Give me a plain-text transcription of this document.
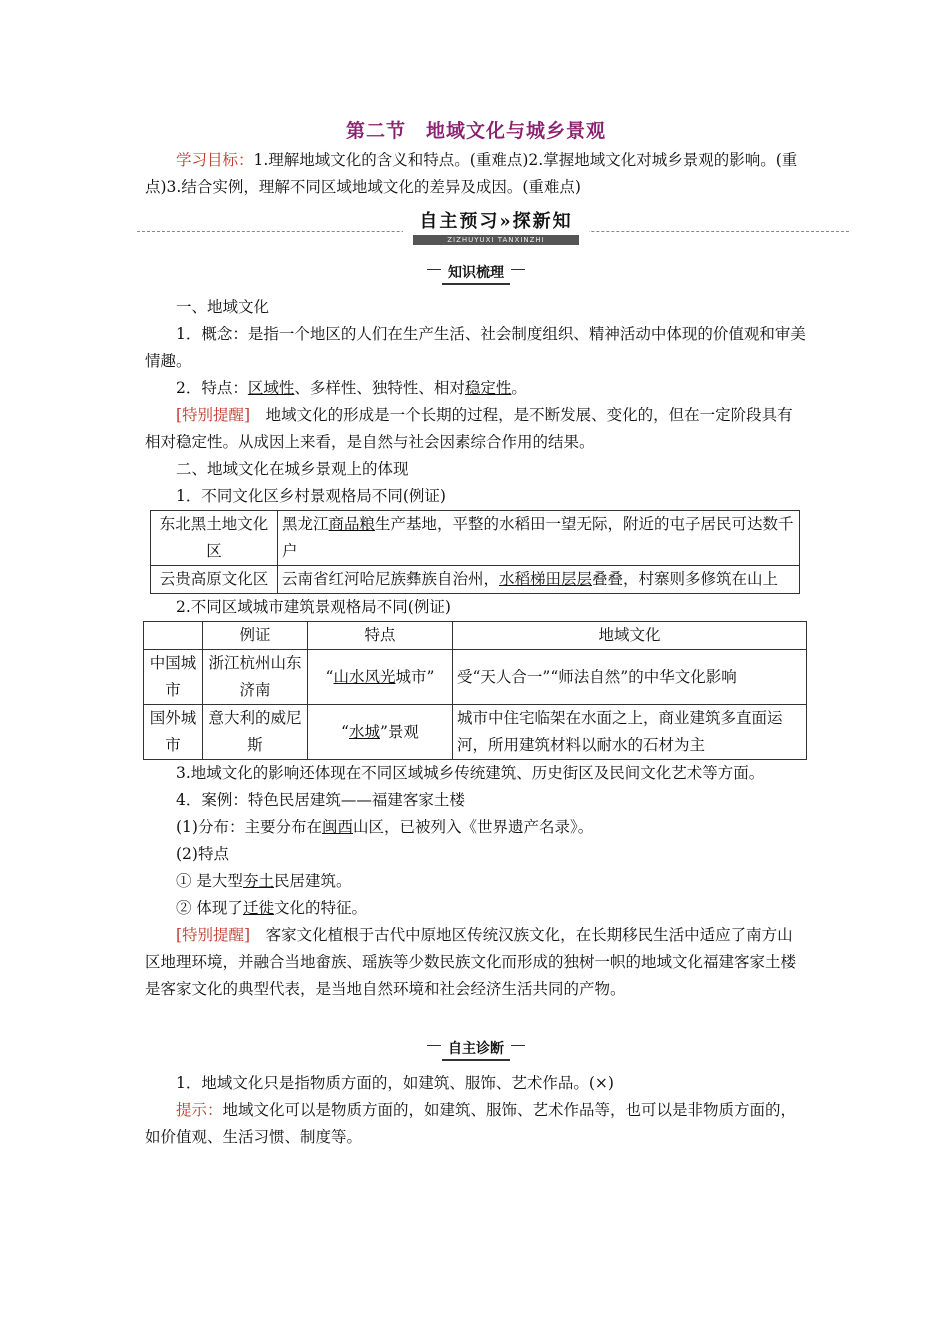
第二节　地域文化与城乡景观

学习目标：1.理解地域文化的含义和特点。(重难点)2.掌握地域文化对城乡景观的影响。(重点)3.结合实例，理解不同区域地域文化的差异及成因。(重难点)

自主预习»探新知
ZIZHUYUXI TANXINZHI
知识梳理

一、地域文化

1．概念：是指一个地区的人们在生产生活、社会制度组织、精神活动中体现的价值观和审美情趣。

2．特点：区域性、多样性、独特性、相对稳定性。

[特别提醒]　地域文化的形成是一个长期的过程，是不断发展、变化的，但在一定阶段具有相对稳定性。从成因上来看，是自然与社会因素综合作用的结果。

二、地域文化在城乡景观上的体现

1．不同文化区乡村景观格局不同(例证)

东北黑土地文化区	黑龙江商品粮生产基地，平整的水稻田一望无际，附近的屯子居民可达数千户
云贵高原文化区	云南省红河哈尼族彝族自治州，水稻梯田层层叠叠，村寨则多修筑在山上

2.不同区域城市建筑景观格局不同(例证)

	例证	特点	地域文化
中国城市	浙江杭州山东济南	“山水风光城市”	受“天人合一”“师法自然”的中华文化影响
国外城市	意大利的威尼斯	“水城”景观	城市中住宅临架在水面之上，商业建筑多直面运河，所用建筑材料以耐水的石材为主

3.地域文化的影响还体现在不同区域城乡传统建筑、历史街区及民间文化艺术等方面。

4．案例：特色民居建筑——福建客家土楼

(1)分布：主要分布在闽西山区，已被列入《世界遗产名录》。

(2)特点

① 是大型夯土民居建筑。

② 体现了迁徙文化的特征。

[特别提醒]　客家文化植根于古代中原地区传统汉族文化，在长期移民生活中适应了南方山区地理环境，并融合当地畲族、瑶族等少数民族文化而形成的独树一帜的地域文化福建客家土楼是客家文化的典型代表，是当地自然环境和社会经济生活共同的产物。

自主诊断

1．地域文化只是指物质方面的，如建筑、服饰、艺术作品。(×)

提示：地域文化可以是物质方面的，如建筑、服饰、艺术作品等，也可以是非物质方面的，如价值观、生活习惯、制度等。
